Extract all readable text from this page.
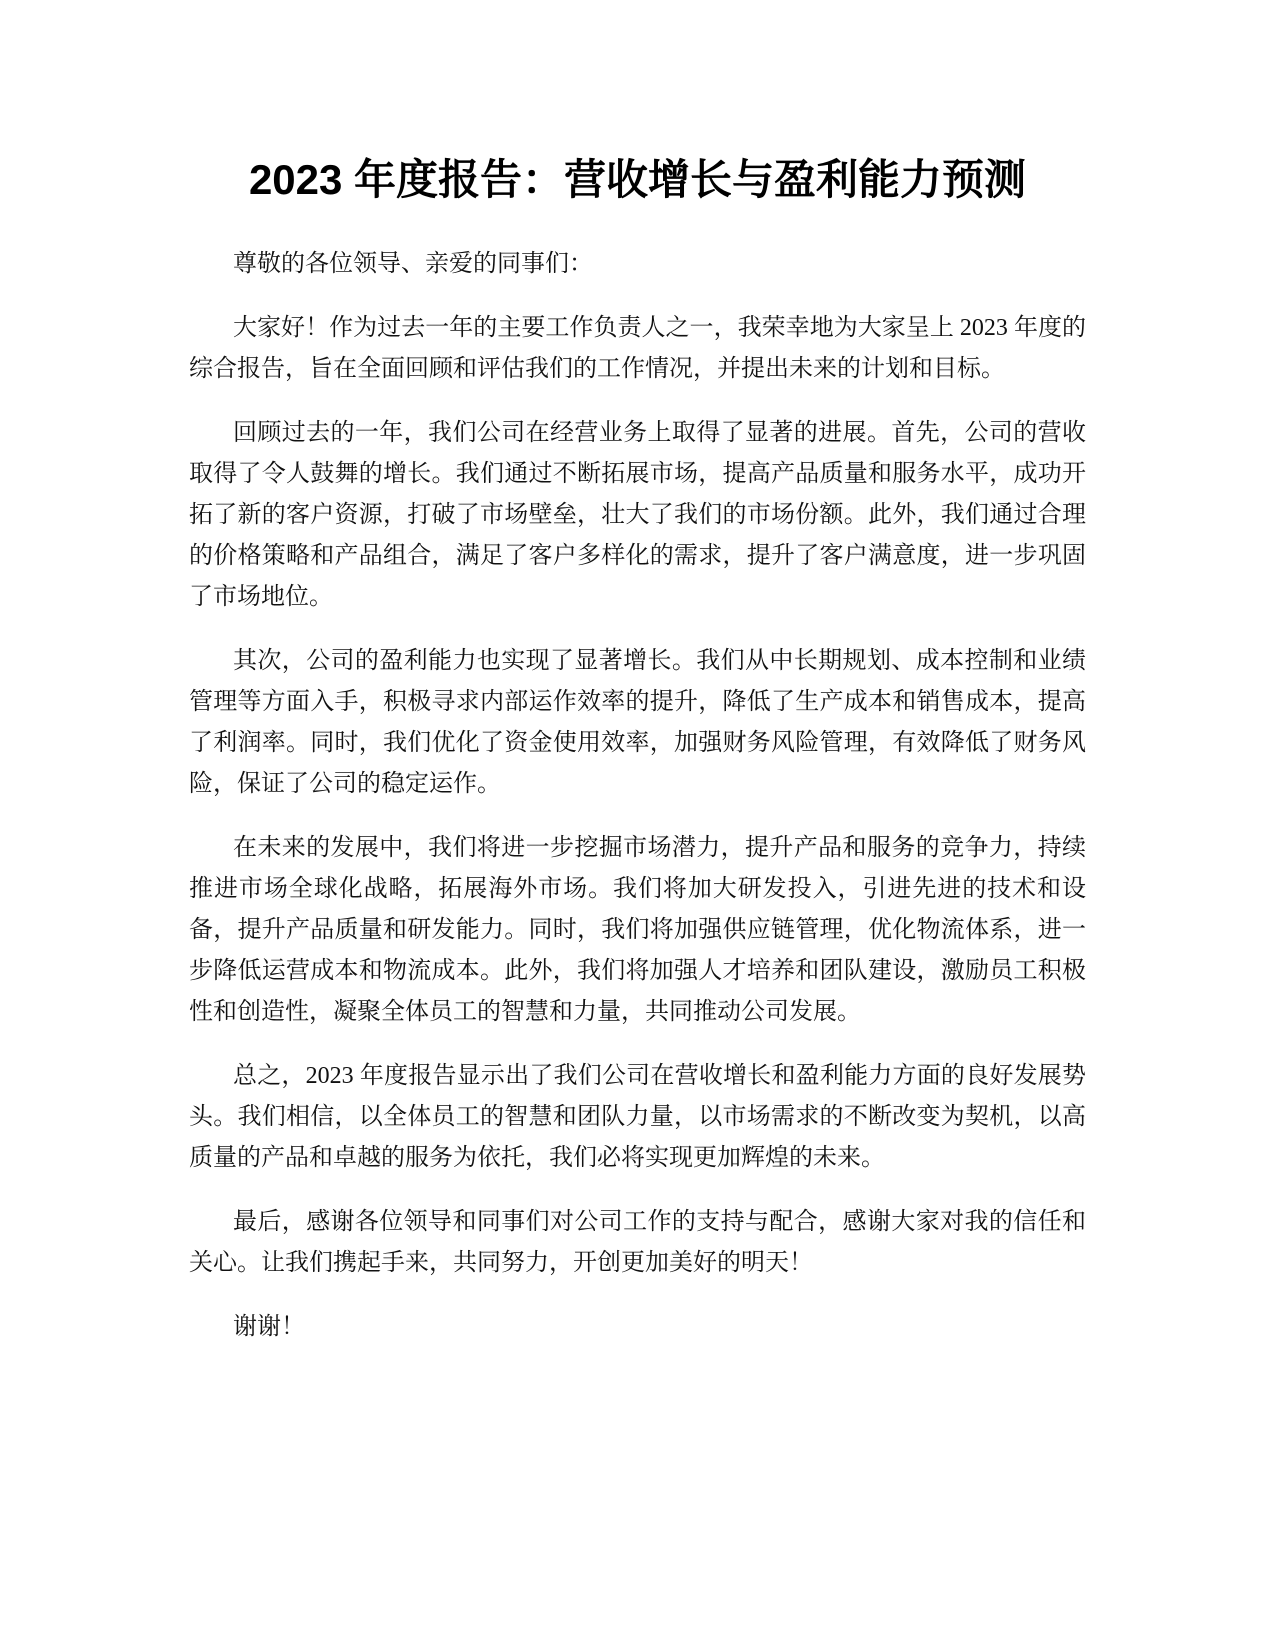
2023 年度报告：营收增长与盈利能力预测

尊敬的各位领导、亲爱的同事们：

大家好！作为过去一年的主要工作负责人之一，我荣幸地为大家呈上 2023 年度的综合报告，旨在全面回顾和评估我们的工作情况，并提出未来的计划和目标。

回顾过去的一年，我们公司在经营业务上取得了显著的进展。首先，公司的营收取得了令人鼓舞的增长。我们通过不断拓展市场，提高产品质量和服务水平，成功开拓了新的客户资源，打破了市场壁垒，壮大了我们的市场份额。此外，我们通过合理的价格策略和产品组合，满足了客户多样化的需求，提升了客户满意度，进一步巩固了市场地位。

其次，公司的盈利能力也实现了显著增长。我们从中长期规划、成本控制和业绩管理等方面入手，积极寻求内部运作效率的提升，降低了生产成本和销售成本，提高了利润率。同时，我们优化了资金使用效率，加强财务风险管理，有效降低了财务风险，保证了公司的稳定运作。

在未来的发展中，我们将进一步挖掘市场潜力，提升产品和服务的竞争力，持续推进市场全球化战略，拓展海外市场。我们将加大研发投入，引进先进的技术和设备，提升产品质量和研发能力。同时，我们将加强供应链管理，优化物流体系，进一步降低运营成本和物流成本。此外，我们将加强人才培养和团队建设，激励员工积极性和创造性，凝聚全体员工的智慧和力量，共同推动公司发展。

总之，2023 年度报告显示出了我们公司在营收增长和盈利能力方面的良好发展势头。我们相信，以全体员工的智慧和团队力量，以市场需求的不断改变为契机，以高质量的产品和卓越的服务为依托，我们必将实现更加辉煌的未来。

最后，感谢各位领导和同事们对公司工作的支持与配合，感谢大家对我的信任和关心。让我们携起手来，共同努力，开创更加美好的明天！

谢谢！
